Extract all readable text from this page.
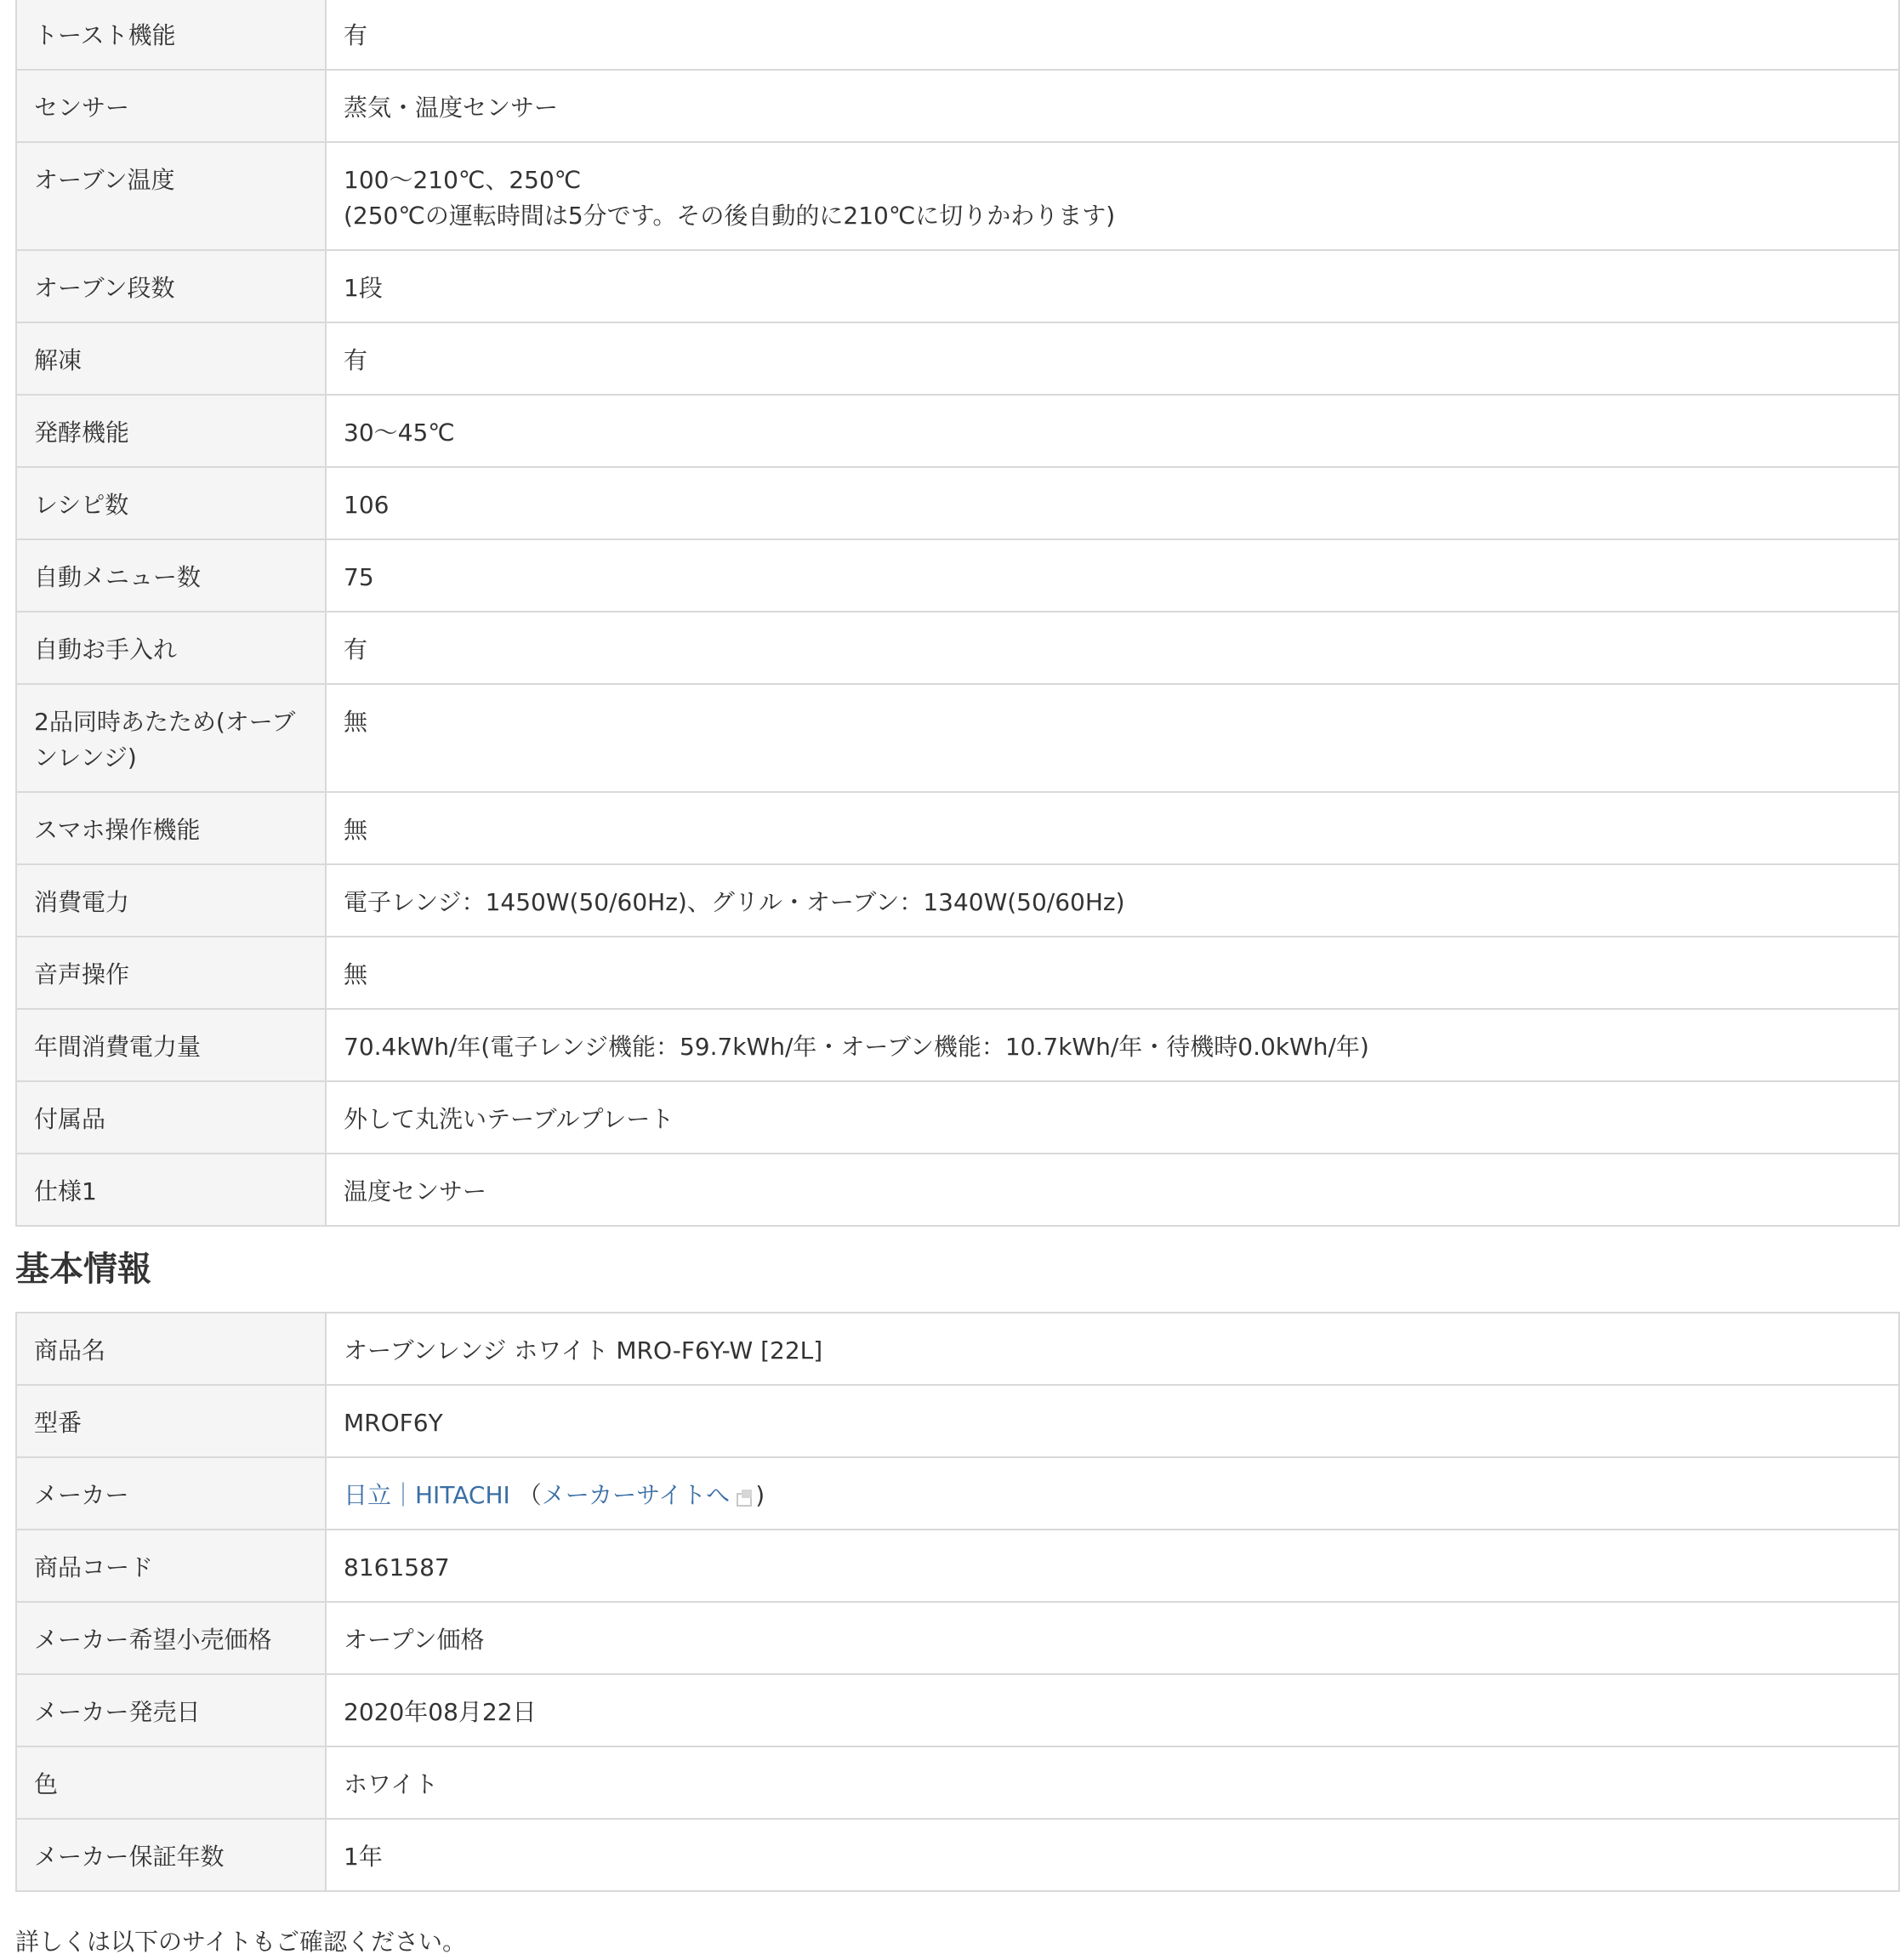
トースト機能	有
センサー	蒸気・温度センサー
オーブン温度	100〜210℃、250℃
(250℃の運転時間は5分です。その後自動的に210℃に切りかわります)

オーブン段数	1段
解凍	有
発酵機能	30〜45℃
レシピ数	106
自動メニュー数	75
自動お手入れ	有

2品同時あたため(オーブ
ンレンジ)	無
スマホ操作機能	無
消費電力	電子レンジ：1450W(50/60Hz)、グリル・オーブン：1340W(50/60Hz)
音声操作	無
年間消費電力量	70.4kWh/年(電子レンジ機能：59.7kWh/年・オーブン機能：10.7kWh/年・待機時0.0kWh/年)
付属品	外して丸洗いテーブルプレート
仕様1	温度センサー
基本情報
商品名	オーブンレンジ ホワイト MRO-F6Y-W [22L]
型番	MROF6Y
メーカー	日立｜HITACHI （メーカーサイトへ )
商品コード	8161587
メーカー希望小売価格	オープン価格
メーカー発売日	2020年08月22日
色	ホワイト
メーカー保証年数	1年
詳しくは以下のサイトもご確認ください。
